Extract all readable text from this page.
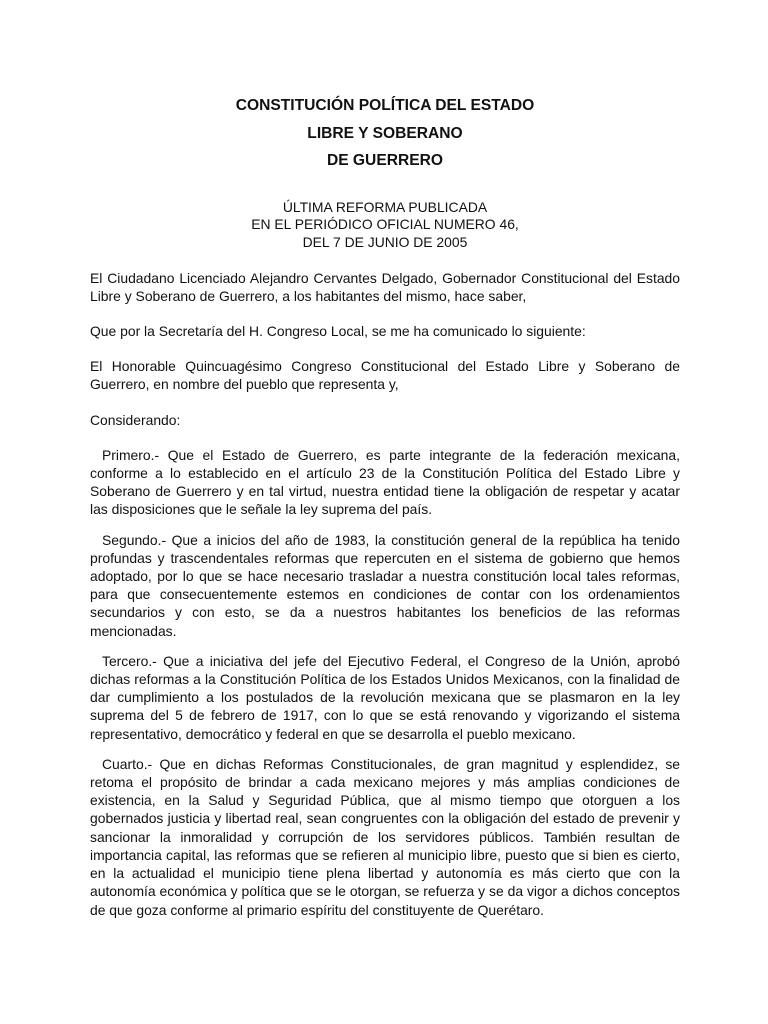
CONSTITUCIÓN POLÍTICA DEL ESTADO
LIBRE Y SOBERANO
DE GUERRERO
ÚLTIMA REFORMA PUBLICADA
EN EL PERIÓDICO OFICIAL NUMERO 46,
DEL 7 DE JUNIO DE 2005

El Ciudadano Licenciado Alejandro Cervantes Delgado, Gobernador Constitucional del Estado Libre y Soberano de Guerrero, a los habitantes del mismo, hace saber,

Que por la Secretaría del H. Congreso Local, se me ha comunicado lo siguiente:

El Honorable Quincuagésimo Congreso Constitucional del Estado Libre y Soberano de Guerrero, en nombre del pueblo que representa y,

Considerando:

Primero.- Que el Estado de Guerrero, es parte integrante de la federación mexicana, conforme a lo establecido en el artículo 23 de la Constitución Política del Estado Libre y Soberano de Guerrero y en tal virtud, nuestra entidad tiene la obligación de respetar y acatar las disposiciones que le señale la ley suprema del país.

Segundo.- Que a inicios del año de 1983, la constitución general de la república ha tenido profundas y trascendentales reformas que repercuten en el sistema de gobierno que hemos adoptado, por lo que se hace necesario trasladar a nuestra constitución local tales reformas, para que consecuentemente estemos en condiciones de contar con los ordenamientos secundarios y con esto, se da a nuestros habitantes los beneficios de las reformas mencionadas.

Tercero.- Que a iniciativa del jefe del Ejecutivo Federal, el Congreso de la Unión, aprobó dichas reformas a la Constitución Política de los Estados Unidos Mexicanos, con la finalidad de dar cumplimiento a los postulados de la revolución mexicana que se plasmaron en la ley suprema del 5 de febrero de 1917, con lo que se está renovando y vigorizando el sistema representativo, democrático y federal en que se desarrolla el pueblo mexicano.

Cuarto.- Que en dichas Reformas Constitucionales, de gran magnitud y esplendidez, se retoma el propósito de brindar a cada mexicano mejores y más amplias condiciones de existencia, en la Salud y Seguridad Pública, que al mismo tiempo que otorguen a los gobernados justicia y libertad real, sean congruentes con la obligación del estado de prevenir y sancionar la inmoralidad y corrupción de los servidores públicos. También resultan de importancia capital, las reformas que se refieren al municipio libre, puesto que si bien es cierto, en la actualidad el municipio tiene plena libertad y autonomía es más cierto que con la autonomía económica y política que se le otorgan, se refuerza y se da vigor a dichos conceptos de que goza conforme al primario espíritu del constituyente de Querétaro.
